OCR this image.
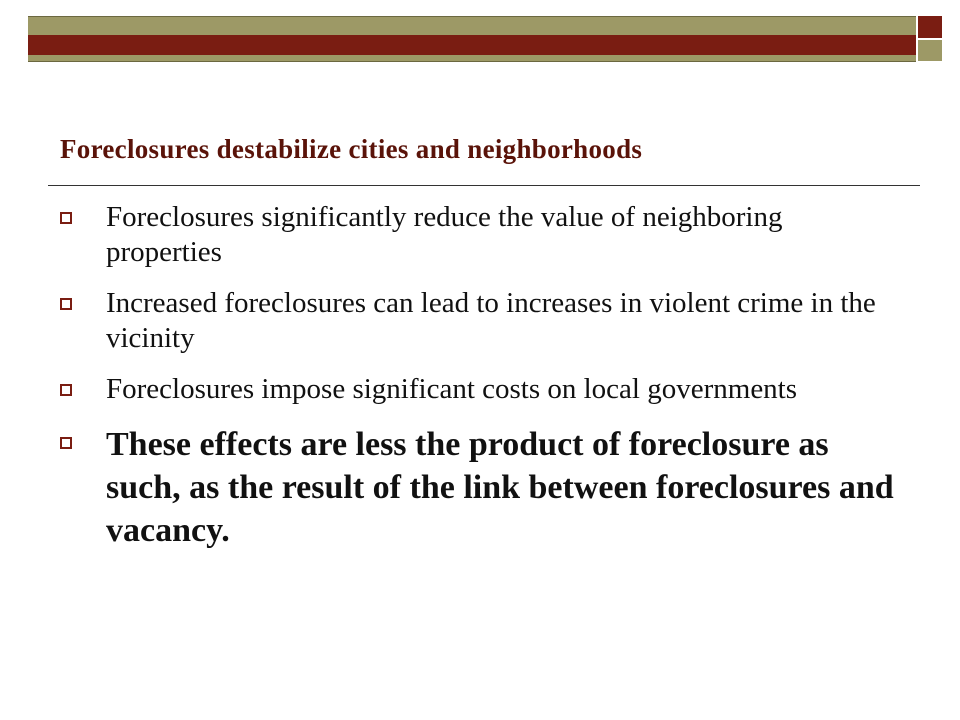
Foreclosures destabilize cities and neighborhoods
Foreclosures significantly reduce the value of neighboring properties
Increased foreclosures can lead to increases in violent crime in the vicinity
Foreclosures impose significant costs on local governments
These effects are less the product of foreclosure as such, as the result of the link between foreclosures and vacancy.
